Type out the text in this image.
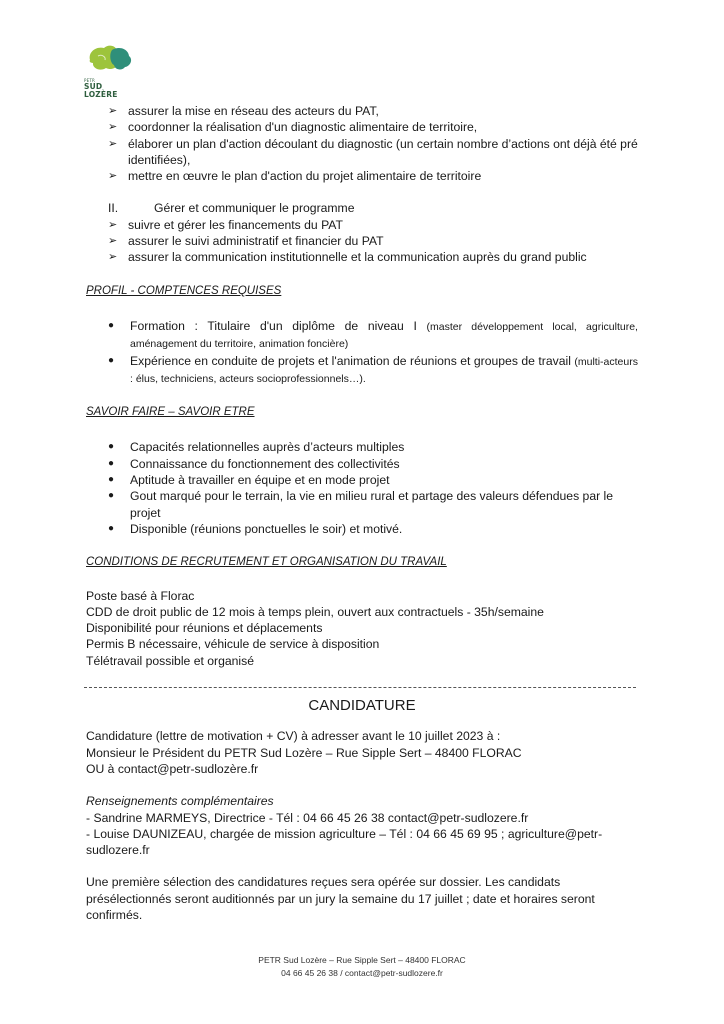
PETR
SUD LOZÈRE
➢ assurer la mise en réseau des acteurs du PAT,
➢ coordonner la réalisation d'un diagnostic alimentaire de territoire,
➢ élaborer un plan d'action découlant du diagnostic (un certain nombre d’actions ont déjà été pré identifiées),
➢ mettre en œuvre le plan d'action du projet alimentaire de territoire
II.	Gérer et communiquer le programme
➢ suivre et gérer les financements du PAT
➢ assurer le suivi administratif et financier du PAT
➢ assurer la communication institutionnelle et la communication auprès du grand public
PROFIL - COMPTENCES REQUISES
● Formation : Titulaire d'un diplôme de niveau I (master développement local, agriculture, aménagement du territoire, animation foncière)
● Expérience en conduite de projets et l'animation de réunions et groupes de travail (multi-acteurs : élus, techniciens, acteurs socioprofessionnels…).
SAVOIR FAIRE – SAVOIR ETRE
● Capacités relationnelles auprès d’acteurs multiples
● Connaissance du fonctionnement des collectivités
● Aptitude à travailler en équipe et en mode projet
● Gout marqué pour le terrain, la vie en milieu rural et partage des valeurs défendues par le projet
● Disponible (réunions ponctuelles le soir) et motivé.
CONDITIONS DE RECRUTEMENT ET ORGANISATION DU TRAVAIL

Poste basé à Florac

CDD de droit public de 12 mois à temps plein, ouvert aux contractuels - 35h/semaine

Disponibilité pour réunions et déplacements

Permis B nécessaire, véhicule de service à disposition

Télétravail possible et organisé

CANDIDATURE

Candidature (lettre de motivation + CV) à adresser avant le 10 juillet 2023 à :

Monsieur le Président du PETR Sud Lozère – Rue Sipple Sert – 48400 FLORAC

OU à contact@petr-sudlozère.fr

Renseignements complémentaires

- Sandrine MARMEYS, Directrice - Tél : 04 66 45 26 38 contact@petr-sudlozere.fr

- Louise DAUNIZEAU, chargée de mission agriculture – Tél : 04 66 45 69 95 ; agriculture@petr-sudlozere.fr

Une première sélection des candidatures reçues sera opérée sur dossier. Les candidats présélectionnés seront auditionnés par un jury la semaine du 17 juillet ; date et horaires seront confirmés.

PETR Sud Lozère – Rue Sipple Sert – 48400 FLORAC
04 66 45 26 38 / contact@petr-sudlozere.fr
